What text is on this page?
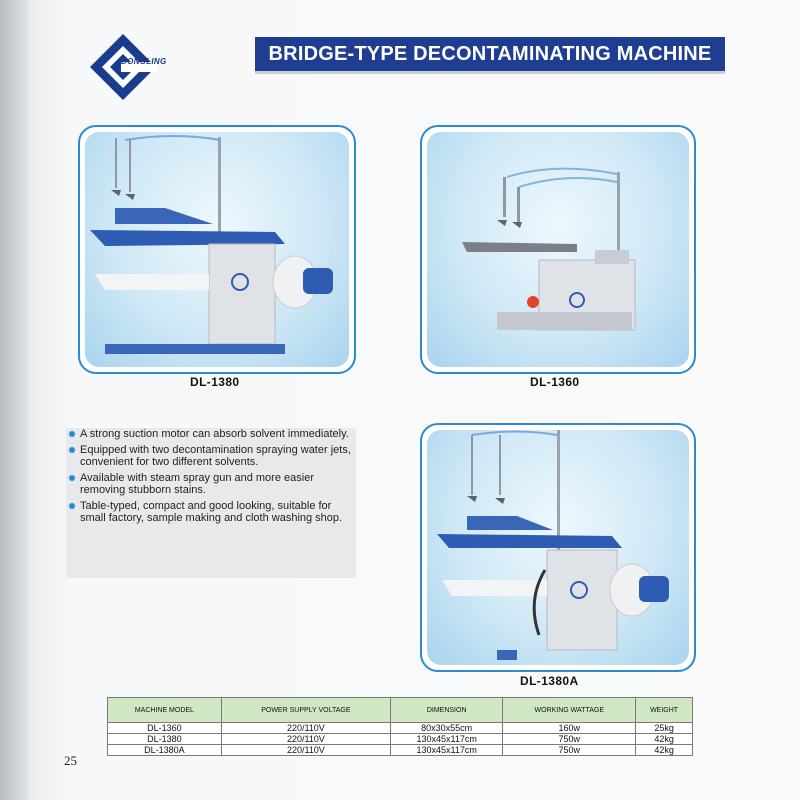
DONGLING	BRIDGE-TYPE DECONTAMINATING MACHINE
DL-1380	DL-1360
DL-1380A
A strong suction motor can absorb solvent immediately.
Equipped with two decontamination spraying water jets, convenient for two different solvents.
Available with steam spray gun and more easier removing stubborn stains.
Table-typed, compact and good looking, suitable for small factory, sample making and cloth washing shop.
MACHINE MODEL	POWER SUPPLY VOLTAGE	DIMENSION	WORKING WATTAGE	WEIGHT
DL-1360	220/110V	80x30x55cm	160w	25kg
DL-1380	220/110V	130x45x117cm	750w	42kg
DL-1380A	220/110V	130x45x117cm	750w	42kg
25
